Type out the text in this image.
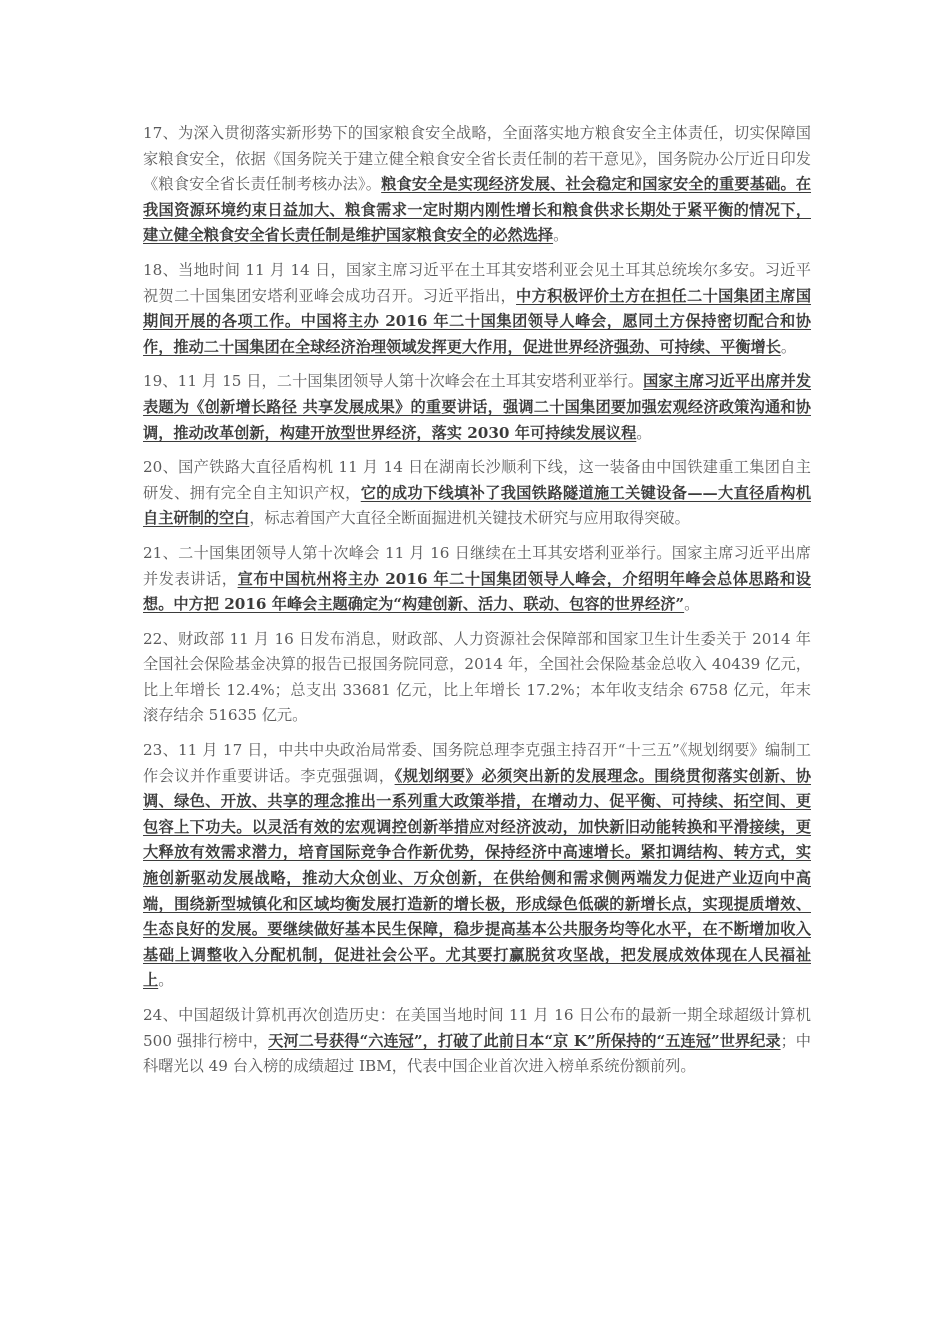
17、为深入贯彻落实新形势下的国家粮食安全战略，全面落实地方粮食安全主体责任，切实保障国家粮食安全，依据《国务院关于建立健全粮食安全省长责任制的若干意见》，国务院办公厅近日印发《粮食安全省长责任制考核办法》。粮食安全是实现经济发展、社会稳定和国家安全的重要基础。在我国资源环境约束日益加大、粮食需求一定时期内刚性增长和粮食供求长期处于紧平衡的情况下，建立健全粮食安全省长责任制是维护国家粮食安全的必然选择。

18、当地时间 11 月 14 日，国家主席习近平在土耳其安塔利亚会见土耳其总统埃尔多安。习近平祝贺二十国集团安塔利亚峰会成功召开。习近平指出，中方积极评价土方在担任二十国集团主席国期间开展的各项工作。中国将主办 2016 年二十国集团领导人峰会，愿同土方保持密切配合和协作，推动二十国集团在全球经济治理领域发挥更大作用，促进世界经济强劲、可持续、平衡增长。

19、11 月 15 日，二十国集团领导人第十次峰会在土耳其安塔利亚举行。国家主席习近平出席并发表题为《创新增长路径 共享发展成果》的重要讲话，强调二十国集团要加强宏观经济政策沟通和协调，推动改革创新，构建开放型世界经济，落实 2030 年可持续发展议程。

20、国产铁路大直径盾构机 11 月 14 日在湖南长沙顺利下线，这一装备由中国铁建重工集团自主研发、拥有完全自主知识产权，它的成功下线填补了我国铁路隧道施工关键设备——大直径盾构机自主研制的空白，标志着国产大直径全断面掘进机关键技术研究与应用取得突破。

21、二十国集团领导人第十次峰会 11 月 16 日继续在土耳其安塔利亚举行。国家主席习近平出席并发表讲话，宣布中国杭州将主办 2016 年二十国集团领导人峰会，介绍明年峰会总体思路和设想。中方把 2016 年峰会主题确定为“构建创新、活力、联动、包容的世界经济”。

22、财政部 11 月 16 日发布消息，财政部、人力资源社会保障部和国家卫生计生委关于 2014 年全国社会保险基金决算的报告已报国务院同意，2014 年，全国社会保险基金总收入 40439 亿元，比上年增长 12.4%；总支出 33681 亿元，比上年增长 17.2%；本年收支结余 6758 亿元，年末滚存结余 51635 亿元。

23、11 月 17 日，中共中央政治局常委、国务院总理李克强主持召开“十三五”《规划纲要》编制工作会议并作重要讲话。李克强强调，《规划纲要》必须突出新的发展理念。围绕贯彻落实创新、协调、绿色、开放、共享的理念推出一系列重大政策举措，在增动力、促平衡、可持续、拓空间、更包容上下功夫。以灵活有效的宏观调控创新举措应对经济波动，加快新旧动能转换和平滑接续，更大释放有效需求潜力，培育国际竞争合作新优势，保持经济中高速增长。紧扣调结构、转方式，实施创新驱动发展战略，推动大众创业、万众创新，在供给侧和需求侧两端发力促进产业迈向中高端，围绕新型城镇化和区域均衡发展打造新的增长极，形成绿色低碳的新增长点，实现提质增效、生态良好的发展。要继续做好基本民生保障，稳步提高基本公共服务均等化水平，在不断增加收入基础上调整收入分配机制，促进社会公平。尤其要打赢脱贫攻坚战，把发展成效体现在人民福祉上。

24、中国超级计算机再次创造历史：在美国当地时间 11 月 16 日公布的最新一期全球超级计算机 500 强排行榜中，天河二号获得“六连冠”，打破了此前日本“京 K”所保持的“五连冠”世界纪录；中科曙光以 49 台入榜的成绩超过 IBM，代表中国企业首次进入榜单系统份额前列。
